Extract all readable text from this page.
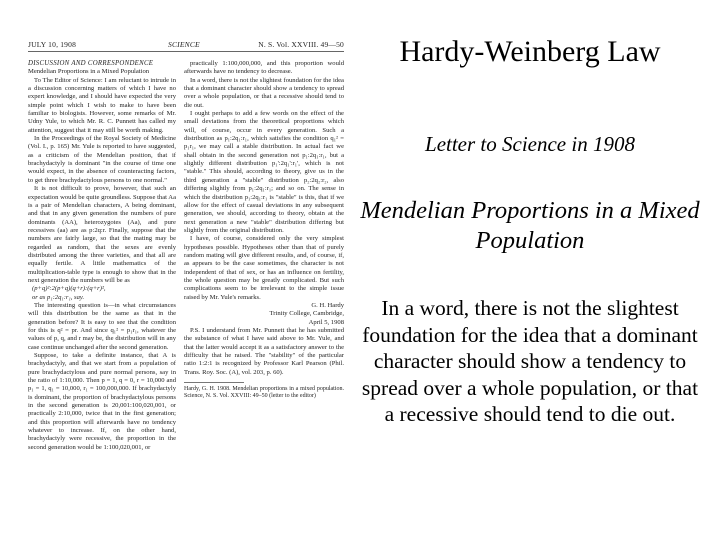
JULY 10, 1908	SCIENCE	N. S. Vol. XXVIII. 49—50

DISCUSSION AND CORRESPONDENCE

Mendelian Proportions in a Mixed Population

To The Editor of Science: I am reluctant to intrude in a discussion concerning matters of which I have no expert knowledge, and I should have expected the very simple point which I wish to make to have been familiar to biologists. However, some remarks of Mr. Udny Yule, to which Mr. R. C. Punnett has called my attention, suggest that it may still be worth making.

In the Proceedings of the Royal Society of Medicine (Vol. I., p. 165) Mr. Yule is reported to have suggested, as a criticism of the Mendelian position, that if brachydactyly is dominant "in the course of time one would expect, in the absence of counteracting factors, to get three brachydactylous persons to one normal."

It is not difficult to prove, however, that such an expectation would be quite groundless. Suppose that Aa is a pair of Mendelian characters, A being dominant, and that in any given generation the numbers of pure dominants (AA), heterozygotes (Aa), and pure recessives (aa) are as p:2q:r. Finally, suppose that the numbers are fairly large, so that the mating may be regarded as random, that the sexes are evenly distributed among the three varieties, and that all are equally fertile. A little mathematics of the multiplication-table type is enough to show that in the next generation the numbers will be as

(p+q)²:2(p+q)(q+r):(q+r)²,

or as p₁:2q₁:r₁, say.

The interesting question is—in what circumstances will this distribution be the same as that in the generation before? It is easy to see that the condition for this is q² = pr. And since q₁² = p₁r₁, whatever the values of p, q, and r may be, the distribution will in any case continue unchanged after the second generation.

Suppose, to take a definite instance, that A is brachydactyly, and that we start from a population of pure brachydactylous and pure normal persons, say in the ratio of 1:10,000. Then p = 1, q = 0, r = 10,000 and p₁ = 1, q₁ = 10,000, r₁ = 100,000,000. If brachydactyly is dominant, the proportion of brachydactylous persons in the second generation is 20,001:100,020,001, or practically 2:10,000, twice that in the first generation; and this proportion will afterwards have no tendency whatever to increase. If, on the other hand, brachydactyly were recessive, the proportion in the second generation would be 1:100,020,001, or

practically 1:100,000,000, and this proportion would afterwards have no tendency to decrease.

In a word, there is not the slightest foundation for the idea that a dominant character should show a tendency to spread over a whole population, or that a recessive should tend to die out.

I ought perhaps to add a few words on the effect of the small deviations from the theoretical proportions which will, of course, occur in every generation. Such a distribution as p₁:2q₁:r₁, which satisfies the condition q₁² = p₁r₁, we may call a stable distribution. In actual fact we shall obtain in the second generation not p₁:2q₁:r₁, but a slightly different distribution p₁':2q₁':r₁', which is not "stable." This should, according to theory, give us in the third generation a "stable" distribution p₂:2q₂:r₂, also differing slightly from p₁:2q₁:r₁; and so on. The sense in which the distribution p₁:2q₁:r₁ is "stable" is this, that if we allow for the effect of casual deviations in any subsequent generation, we should, according to theory, obtain at the next generation a new "stable" distribution differing but slightly from the original distribution.

I have, of course, considered only the very simplest hypotheses possible. Hypotheses other than that of purely random mating will give different results, and, of course, if, as appears to be the case sometimes, the character is not independent of that of sex, or has an influence on fertility, the whole question may be greatly complicated. But such complications seem to be irrelevant to the simple issue raised by Mr. Yule's remarks.

G. H. Hardy

Trinity College, Cambridge,

April 5, 1908

P.S. I understand from Mr. Punnett that he has submitted the substance of what I have said above to Mr. Yule, and that the latter would accept it as a satisfactory answer to the difficulty that he raised. The "stability" of the particular ratio 1:2:1 is recognized by Professor Karl Pearson (Phil. Trans. Roy. Soc. (A), vol. 203, p. 60).

Hardy, G. H. 1908. Mendelian proportions in a mixed population. Science, N. S. Vol. XXVIII: 49–50 (letter to the editor)

Hardy-Weinberg Law
Letter to Science in 1908
Mendelian Proportions in a Mixed Population
In a word, there is not the slightest foundation for the idea that a dominant character should show a tendency to spread over a whole population, or that a recessive should tend to die out.
